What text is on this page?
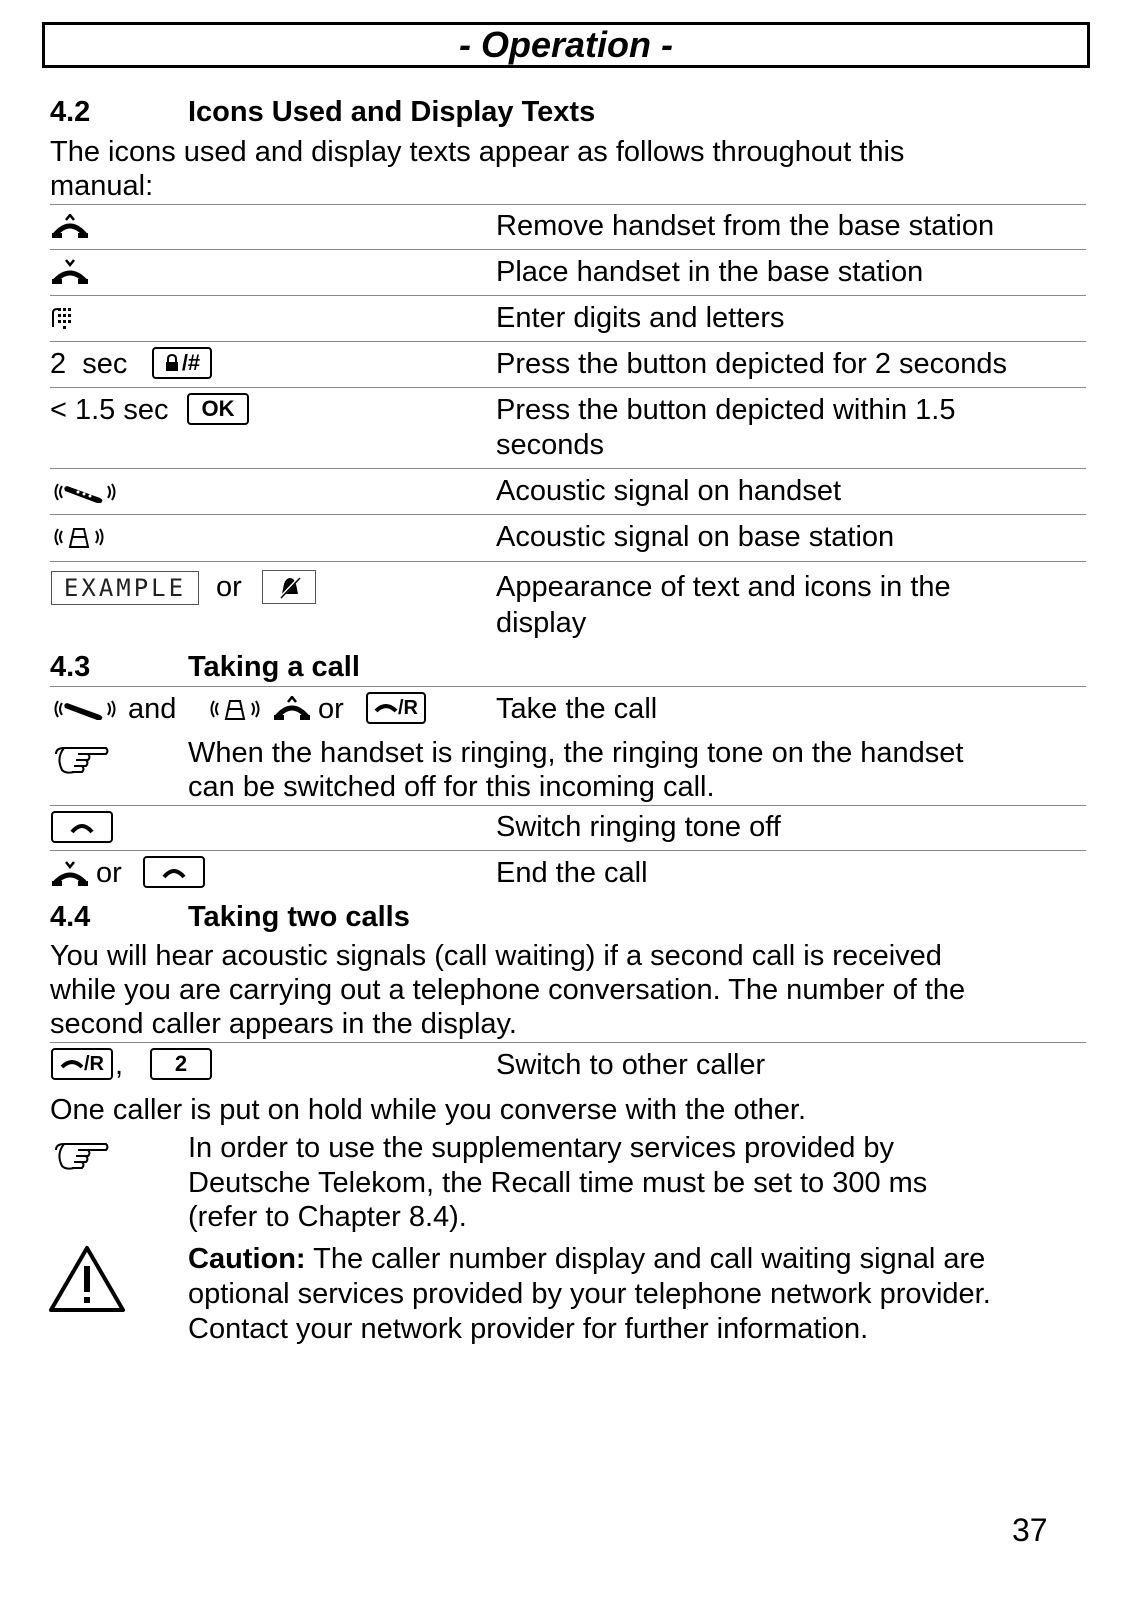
- Operation -
4.2	Icons Used and Display Texts
The icons used and display texts appear as follows throughout this
manual:
Remove handset from the base station
Place handset in the base station
Enter digits and letters
2  sec /#	Press the button depicted for 2 seconds
< 1.5 sec	OK	Press the button depicted within 1.5
seconds
Acoustic signal on handset
Acoustic signal on base station
EXAMPLE	or	Appearance of text and icons in the
display
4.3	Taking a call
and	or	/ R	Take the call
When the handset is ringing, the ringing tone on the handset
can be switched off for this incoming call.
Switch ringing tone off
or	End the call
4.4	Taking two calls
You will hear acoustic signals (call waiting) if a second call is received
while you are carrying out a telephone conversation. The number of the
second caller appears in the display.
/ R ,	2	Switch to other caller
One caller is put on hold while you converse with the other.
In order to use the supplementary services provided by
Deutsche Telekom, the Recall time must be set to 300 ms
(refer to Chapter 8.4).
Caution: The caller number display and call waiting signal are
optional services provided by your telephone network provider.
Contact your network provider for further information.
37
